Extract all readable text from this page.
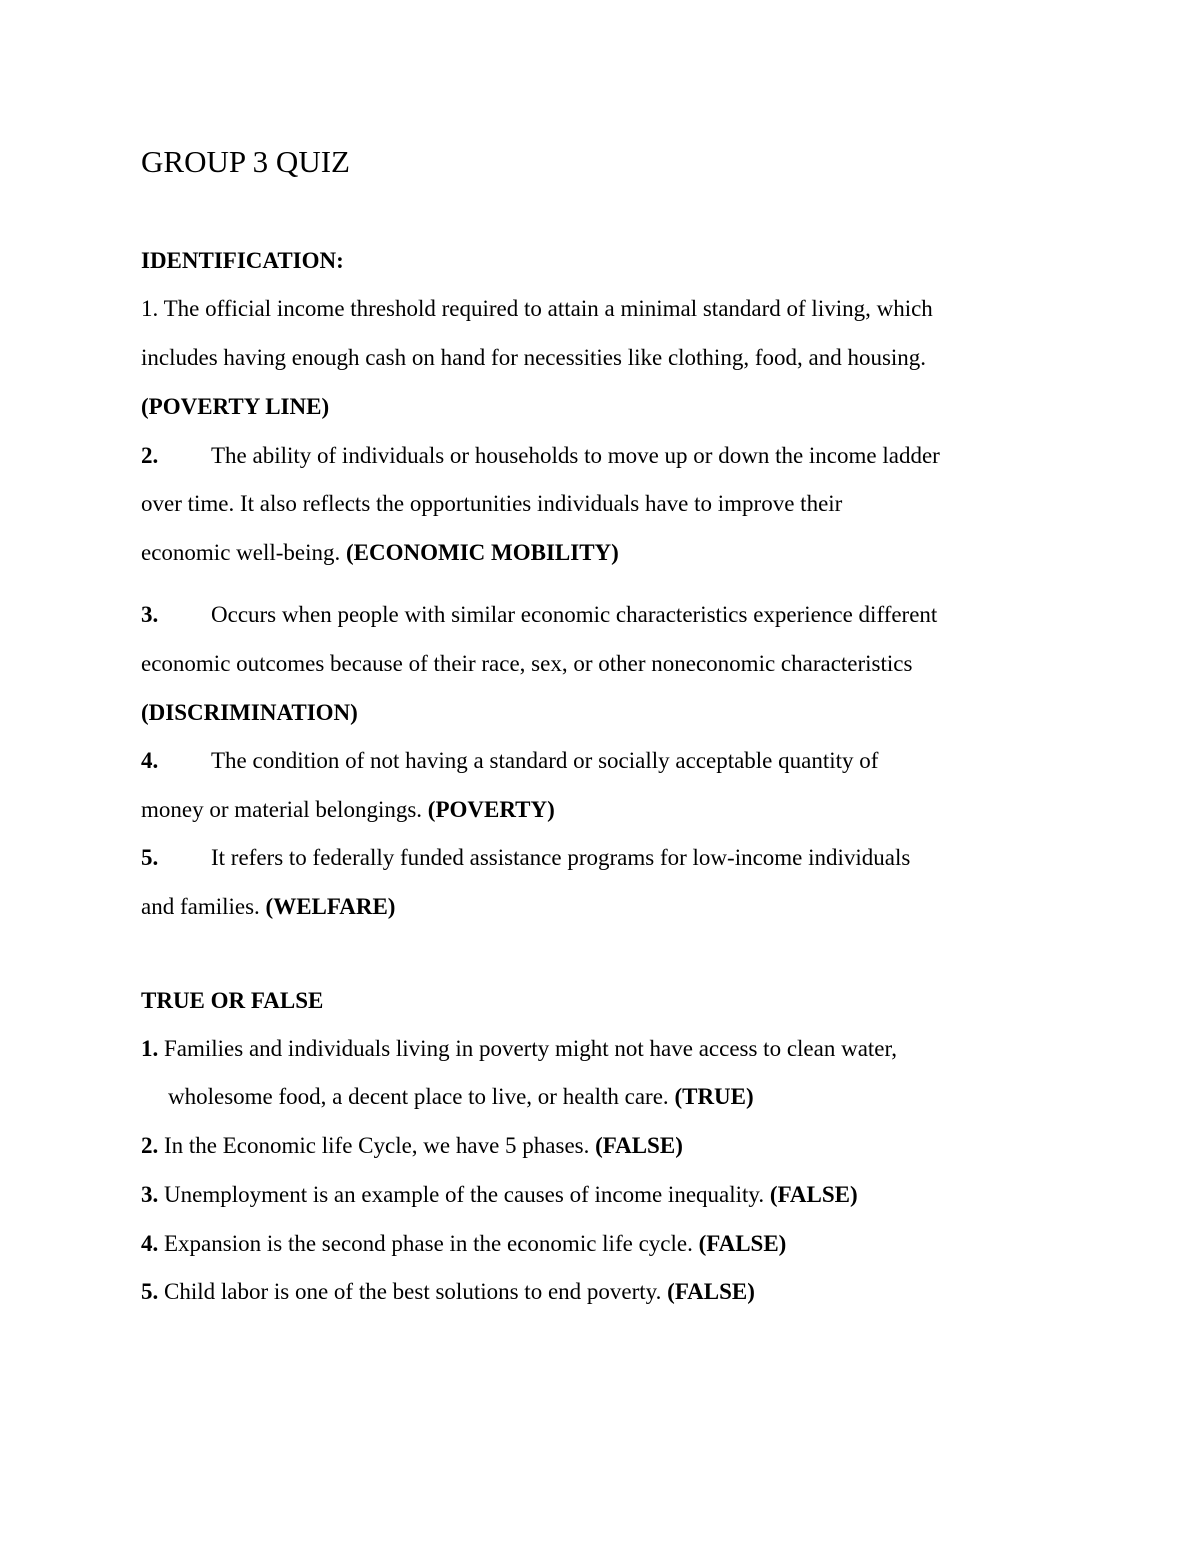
GROUP 3 QUIZ
IDENTIFICATION:
1. The official income threshold required to attain a minimal standard of living, which
includes having enough cash on hand for necessities like clothing, food, and housing.
(POVERTY LINE)
2. The ability of individuals or households to move up or down the income ladder
over time. It also reflects the opportunities individuals have to improve their
economic well-being. (ECONOMIC MOBILITY)
3. Occurs when people with similar economic characteristics experience different
economic outcomes because of their race, sex, or other noneconomic characteristics
(DISCRIMINATION)
4. The condition of not having a standard or socially acceptable quantity of
money or material belongings. (POVERTY)
5. It refers to federally funded assistance programs for low-income individuals
and families. (WELFARE)
TRUE OR FALSE
1. Families and individuals living in poverty might not have access to clean water,
wholesome food, a decent place to live, or health care. (TRUE)
2. In the Economic life Cycle, we have 5 phases. (FALSE)
3. Unemployment is an example of the causes of income inequality. (FALSE)
4. Expansion is the second phase in the economic life cycle. (FALSE)
5. Child labor is one of the best solutions to end poverty. (FALSE)
